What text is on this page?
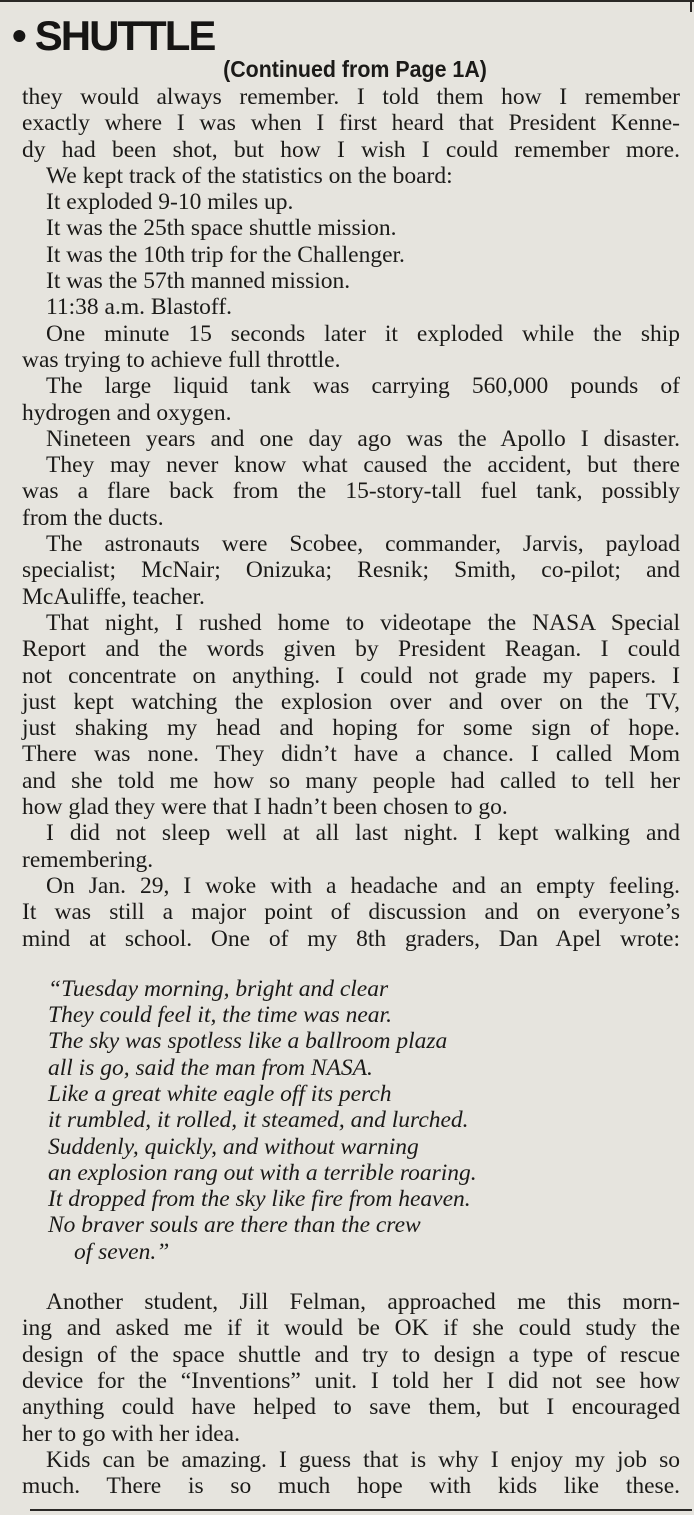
• SHUTTLE
(Continued from Page 1A)
they would always remember. I told them how I remember
exactly where I was when I first heard that President Kenne-
dy had been shot, but how I wish I could remember more.
We kept track of the statistics on the board:
It exploded 9-10 miles up.
It was the 25th space shuttle mission.
It was the 10th trip for the Challenger.
It was the 57th manned mission.
11:38 a.m. Blastoff.
One minute 15 seconds later it exploded while the ship
was trying to achieve full throttle.
The large liquid tank was carrying 560,000 pounds of
hydrogen and oxygen.
Nineteen years and one day ago was the Apollo I disaster.
They may never know what caused the accident, but there
was a flare back from the 15-story-tall fuel tank, possibly
from the ducts.
The astronauts were Scobee, commander, Jarvis, payload
specialist; McNair; Onizuka; Resnik; Smith, co-pilot; and
McAuliffe, teacher.
That night, I rushed home to videotape the NASA Special
Report and the words given by President Reagan. I could
not concentrate on anything. I could not grade my papers. I
just kept watching the explosion over and over on the TV,
just shaking my head and hoping for some sign of hope.
There was none. They didn’t have a chance. I called Mom
and she told me how so many people had called to tell her
how glad they were that I hadn’t been chosen to go.
I did not sleep well at all last night. I kept walking and
remembering.
On Jan. 29, I woke with a headache and an empty feeling.
It was still a major point of discussion and on everyone’s
mind at school. One of my 8th graders, Dan Apel wrote:
“Tuesday morning, bright and clear
They could feel it, the time was near.
The sky was spotless like a ballroom plaza
all is go, said the man from NASA.
Like a great white eagle off its perch
it rumbled, it rolled, it steamed, and lurched.
Suddenly, quickly, and without warning
an explosion rang out with a terrible roaring.
It dropped from the sky like fire from heaven.
No braver souls are there than the crew
of seven.”
Another student, Jill Felman, approached me this morn-
ing and asked me if it would be OK if she could study the
design of the space shuttle and try to design a type of rescue
device for the “Inventions” unit. I told her I did not see how
anything could have helped to save them, but I encouraged
her to go with her idea.
Kids can be amazing. I guess that is why I enjoy my job so
much. There is so much hope with kids like these.
